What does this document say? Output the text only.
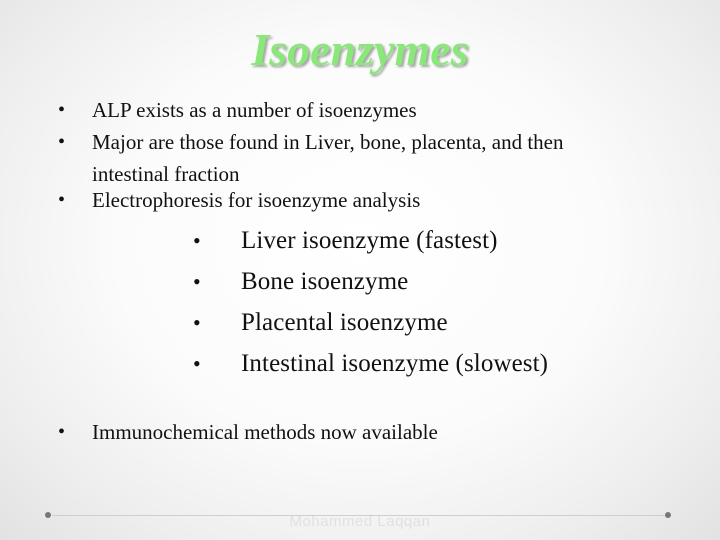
Isoenzymes
•	ALP exists as a number of isoenzymes
•	Major are those found in Liver, bone, placenta, and then intestinal fraction
•	Electrophoresis for isoenzyme analysis
•	Liver isoenzyme (fastest)
•	Bone isoenzyme
•	Placental isoenzyme
•	Intestinal isoenzyme (slowest)
•	Immunochemical methods now available
Mohammed Laqqan
